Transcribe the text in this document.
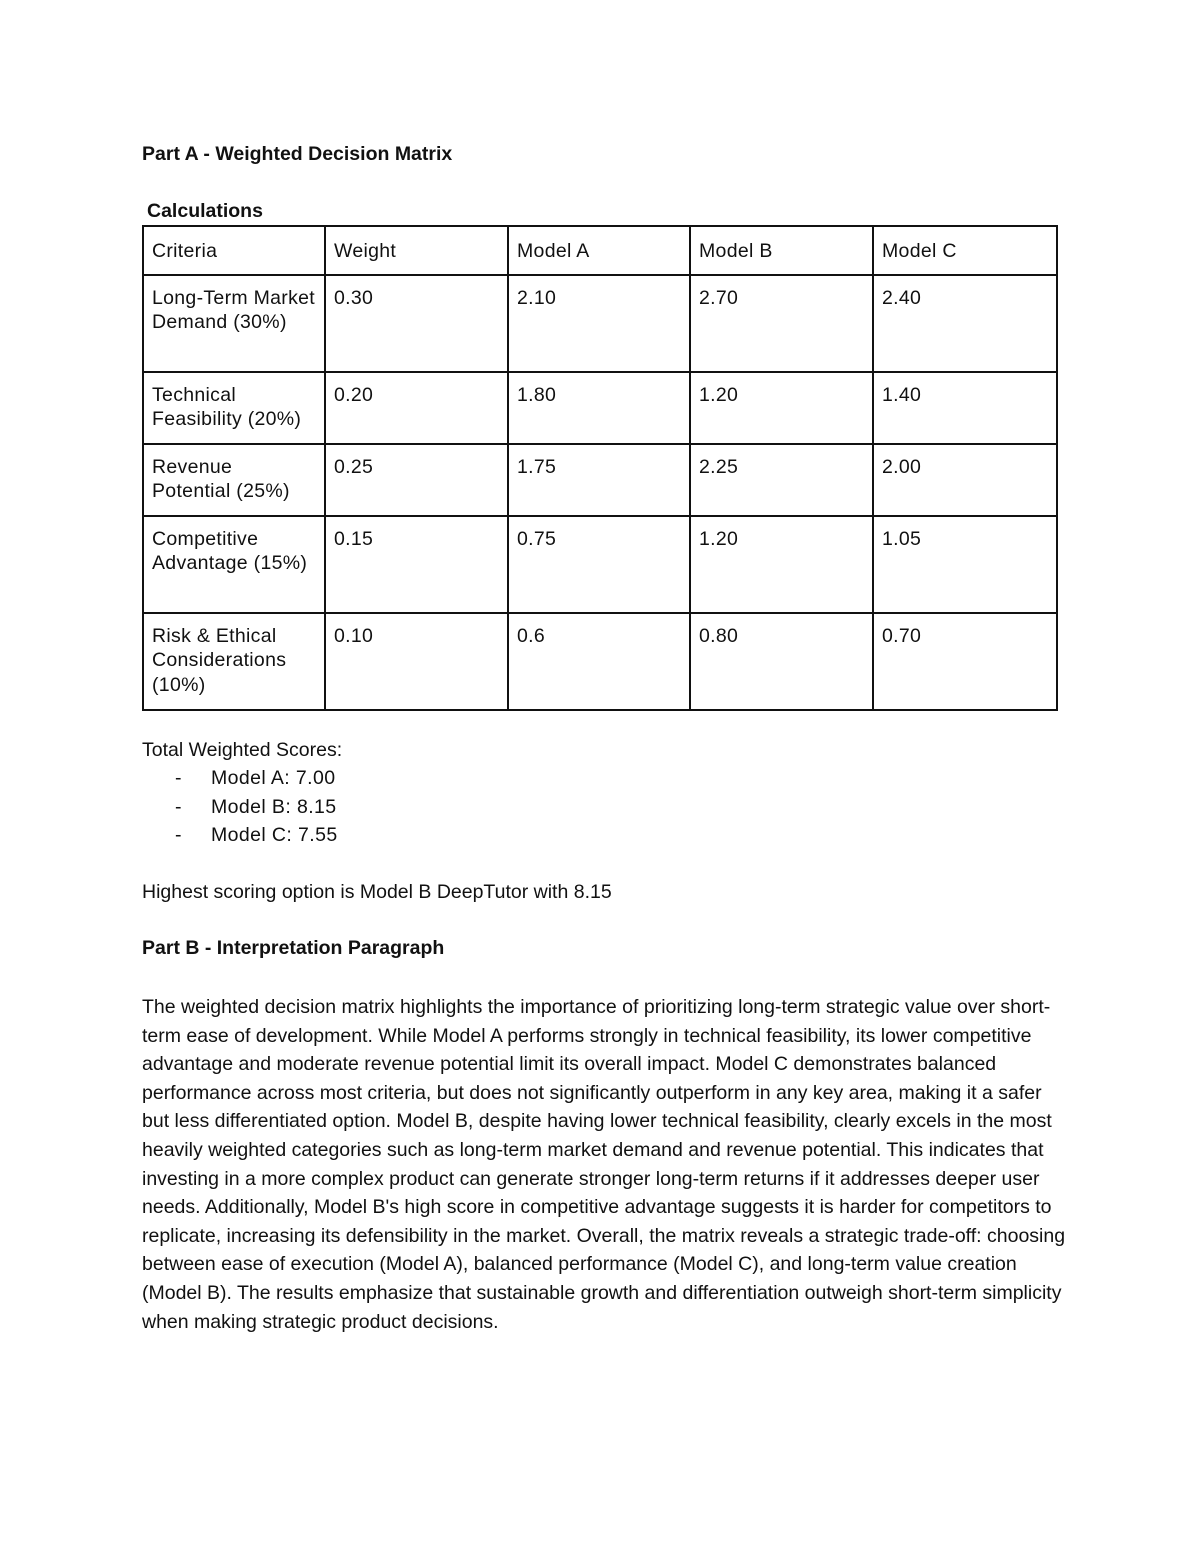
Part A - Weighted Decision Matrix
Calculations
Criteria	Weight	Model A	Model B	Model C
Long-Term Market Demand (30%)	0.30	2.10	2.70	2.40
Technical Feasibility (20%)	0.20	1.80	1.20	1.40
Revenue Potential (25%)	0.25	1.75	2.25	2.00
Competitive Advantage (15%)	0.15	0.75	1.20	1.05
Risk & Ethical Considerations (10%)	0.10	0.6	0.80	0.70

Total Weighted Scores:

- Model A: 7.00
- Model B: 8.15
- Model C: 7.55

Highest scoring option is Model B DeepTutor with 8.15

Part B - Interpretation Paragraph

The weighted decision matrix highlights the importance of prioritizing long-term strategic value over short-term ease of development. While Model A performs strongly in technical feasibility, its lower competitive advantage and moderate revenue potential limit its overall impact. Model C demonstrates balanced performance across most criteria, but does not significantly outperform in any key area, making it a safer but less differentiated option. Model B, despite having lower technical feasibility, clearly excels in the most heavily weighted categories such as long-term market demand and revenue potential. This indicates that investing in a more complex product can generate stronger long-term returns if it addresses deeper user needs. Additionally, Model B's high score in competitive advantage suggests it is harder for competitors to replicate, increasing its defensibility in the market. Overall, the matrix reveals a strategic trade-off: choosing between ease of execution (Model A), balanced performance (Model C), and long-term value creation (Model B). The results emphasize that sustainable growth and differentiation outweigh short-term simplicity when making strategic product decisions.
